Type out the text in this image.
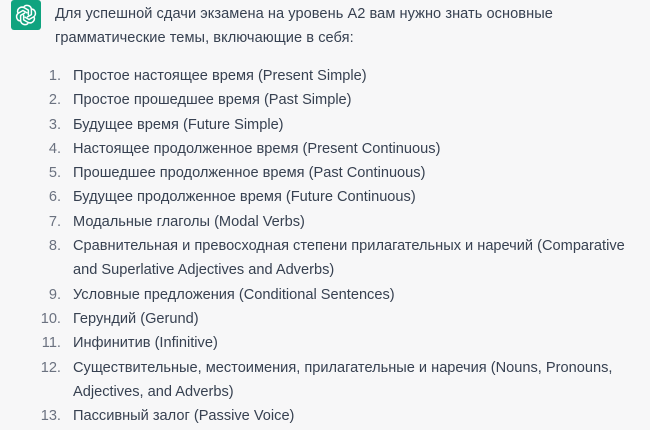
Для успешной сдачи экзамена на уровень A2 вам нужно знать основные грамматические темы, включающие в себя:
1. Простое настоящее время (Present Simple)
2. Простое прошедшее время (Past Simple)
3. Будущее время (Future Simple)
4. Настоящее продолженное время (Present Continuous)
5. Прошедшее продолженное время (Past Continuous)
6. Будущее продолженное время (Future Continuous)
7. Модальные глаголы (Modal Verbs)
8. Сравнительная и превосходная степени прилагательных и наречий (Comparative and Superlative Adjectives and Adverbs)
9. Условные предложения (Conditional Sentences)
10. Герундий (Gerund)
11. Инфинитив (Infinitive)
12. Существительные, местоимения, прилагательные и наречия (Nouns, Pronouns, Adjectives, and Adverbs)
13. Пассивный залог (Passive Voice)
